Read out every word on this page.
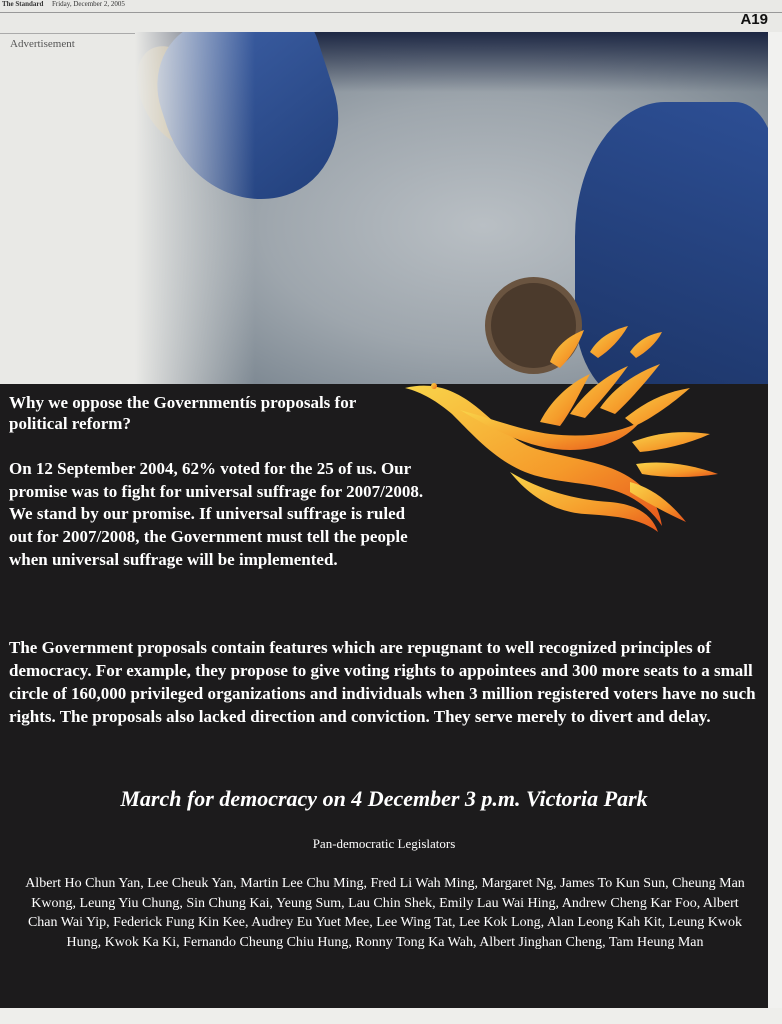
The Standard Friday, December 2, 2005
A19
Advertisement
Why we oppose the Governmentís proposals for political reform?
On 12 September 2004, 62% voted for the 25 of us. Our promise was to fight for universal suffrage for 2007/2008. We stand by our promise. If universal suffrage is ruled out for 2007/2008, the Government must tell the people when universal suffrage will be implemented.
The Government proposals contain features which are repugnant to well recognized principles of democracy. For example, they propose to give voting rights to appointees and 300 more seats to a small circle of 160,000 privileged organizations and individuals when 3 million registered voters have no such rights. The proposals also lacked direction and conviction. They serve merely to divert and delay.
March for democracy on 4 December 3 p.m. Victoria Park
Pan-democratic Legislators
Albert Ho Chun Yan, Lee Cheuk Yan, Martin Lee Chu Ming, Fred Li Wah Ming, Margaret Ng, James To Kun Sun, Cheung Man Kwong, Leung Yiu Chung, Sin Chung Kai, Yeung Sum, Lau Chin Shek, Emily Lau Wai Hing, Andrew Cheng Kar Foo, Albert Chan Wai Yip, Federick Fung Kin Kee, Audrey Eu Yuet Mee, Lee Wing Tat, Lee Kok Long, Alan Leong Kah Kit, Leung Kwok Hung, Kwok Ka Ki, Fernando Cheung Chiu Hung, Ronny Tong Ka Wah, Albert Jinghan Cheng, Tam Heung Man
